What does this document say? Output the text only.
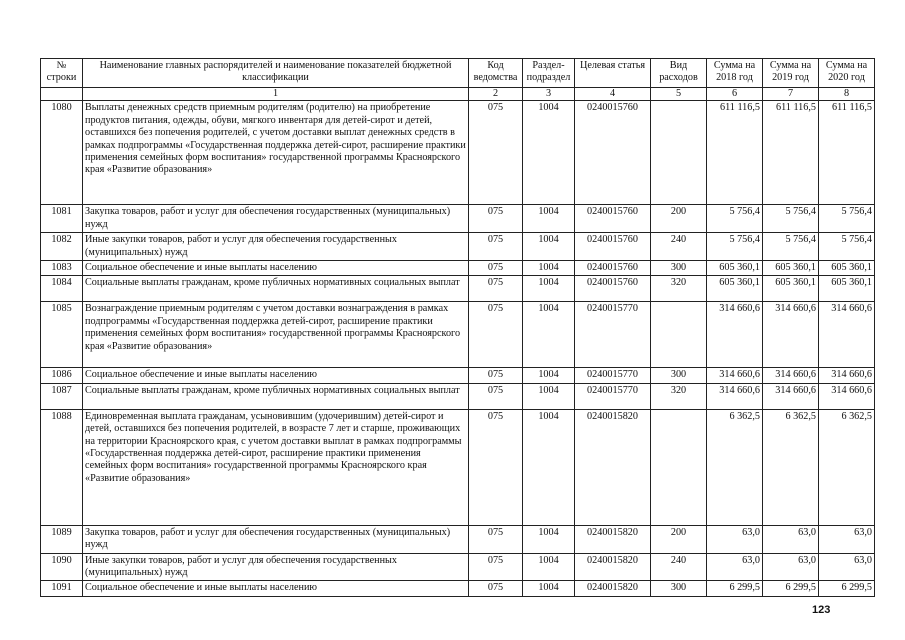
№ строки	Наименование главных распорядителей и наименование показателей бюджетной классификации	Код ведомства	Раздел-подраздел	Целевая статья	Вид расходов	Сумма на 2018 год	Сумма на 2019 год	Сумма на 2020 год
	1	2	3	4	5	6	7	8
1080	Выплаты денежных средств приемным родителям (родителю) на приобретение продуктов питания, одежды, обуви, мягкого инвентаря для детей-сирот и детей, оставшихся без попечения родителей, с учетом доставки выплат денежных средств в рамках подпрограммы «Государственная поддержка детей-сирот, расширение практики применения семейных форм воспитания» государственной программы Красноярского края «Развитие образования»	075	1004	0240015760		611 116,5	611 116,5	611 116,5
1081	Закупка товаров, работ и услуг для обеспечения государственных (муниципальных) нужд	075	1004	0240015760	200	5 756,4	5 756,4	5 756,4
1082	Иные закупки товаров, работ и услуг для обеспечения государственных (муниципальных) нужд	075	1004	0240015760	240	5 756,4	5 756,4	5 756,4
1083	Социальное обеспечение и иные выплаты населению	075	1004	0240015760	300	605 360,1	605 360,1	605 360,1
1084	Социальные выплаты гражданам, кроме публичных нормативных социальных выплат	075	1004	0240015760	320	605 360,1	605 360,1	605 360,1
1085	Вознаграждение приемным родителям с учетом доставки вознаграждения в рамках подпрограммы «Государственная поддержка детей-сирот, расширение практики применения семейных форм воспитания» государственной программы Красноярского края «Развитие образования»	075	1004	0240015770		314 660,6	314 660,6	314 660,6
1086	Социальное обеспечение и иные выплаты населению	075	1004	0240015770	300	314 660,6	314 660,6	314 660,6
1087	Социальные выплаты гражданам, кроме публичных нормативных социальных выплат	075	1004	0240015770	320	314 660,6	314 660,6	314 660,6
1088	Единовременная выплата гражданам, усыновившим (удочерившим) детей-сирот и детей, оставшихся без попечения родителей, в возрасте 7 лет и старше, проживающих на территории Красноярского края, с учетом доставки выплат в рамках подпрограммы «Государственная поддержка детей-сирот, расширение практики применения семейных форм воспитания» государственной программы Красноярского края «Развитие образования»	075	1004	0240015820		6 362,5	6 362,5	6 362,5
1089	Закупка товаров, работ и услуг для обеспечения государственных (муниципальных) нужд	075	1004	0240015820	200	63,0	63,0	63,0
1090	Иные закупки товаров, работ и услуг для обеспечения государственных (муниципальных) нужд	075	1004	0240015820	240	63,0	63,0	63,0
1091	Социальное обеспечение и иные выплаты населению	075	1004	0240015820	300	6 299,5	6 299,5	6 299,5
123
